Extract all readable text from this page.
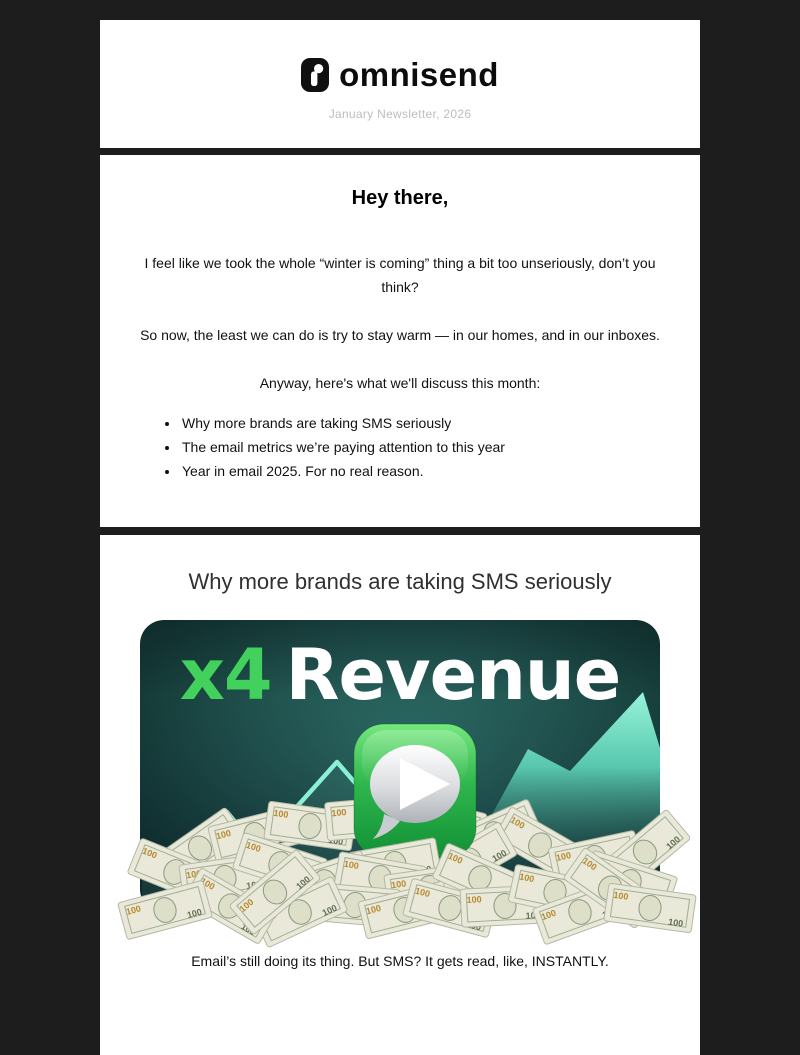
omnisend
January Newsletter, 2026
Hey there,

I feel like we took the whole “winter is coming” thing a bit too unseriously, don’t you think?

So now, the least we can do is try to stay warm — in our homes, and in our inboxes.

Anyway, here's what we'll discuss this month:

• Why more brands are taking SMS seriously
• The email metrics we’re paying attention to this year
• Year in email 2025. For no real reason.
Why more brands are taking SMS seriously
100
100
x4 Revenue

Email’s still doing its thing. But SMS? It gets read, like, INSTANTLY.
